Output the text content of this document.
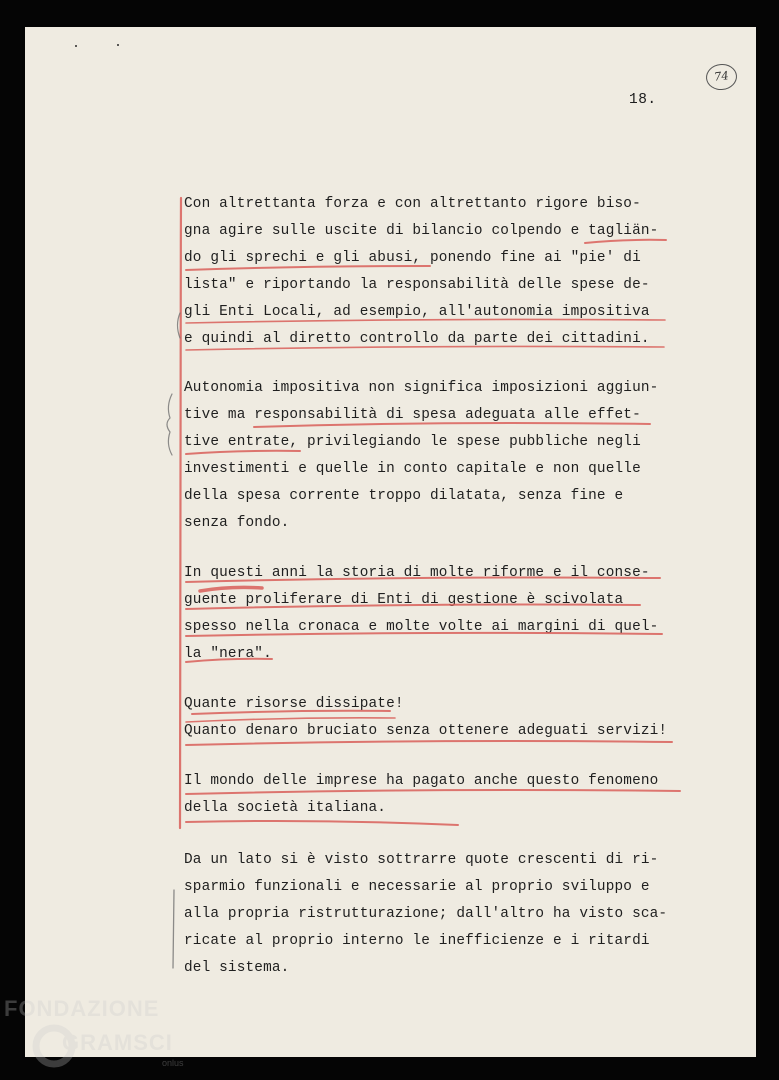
74
18.
Con altrettanta forza e con altrettanto rigore biso-
gna agire sulle uscite di bilancio colpendo e tagliän-
do gli sprechi e gli abusi, ponendo fine ai "pie' di
lista" e riportando la responsabilità delle spese de-
gli Enti Locali, ad esempio, all'autonomia impositiva
e quindi al diretto controllo da parte dei cittadini.
Autonomia impositiva non significa imposizioni aggiun-
tive ma responsabilità di spesa adeguata alle effet-
tive entrate, privilegiando le spese pubbliche negli
investimenti e quelle in conto capitale e non quelle
della spesa corrente troppo dilatata, senza fine e
senza fondo.
In questi anni la storia di molte riforme e il conse-
guente proliferare di Enti di gestione è scivolata
spesso nella cronaca e molte volte ai margini di quel-
la "nera".
Quante risorse dissipate!
Quanto denaro bruciato senza ottenere adeguati servizi!
Il mondo delle imprese ha pagato anche questo fenomeno
della società italiana.
Da un lato si è visto sottrarre quote crescenti di ri-
sparmio funzionali e necessarie al proprio sviluppo e
alla propria ristrutturazione; dall'altro ha visto sca-
ricate al proprio interno le inefficienze e i ritardi
del sistema.
FONDAZIONE
GRAMSCI
onlus
